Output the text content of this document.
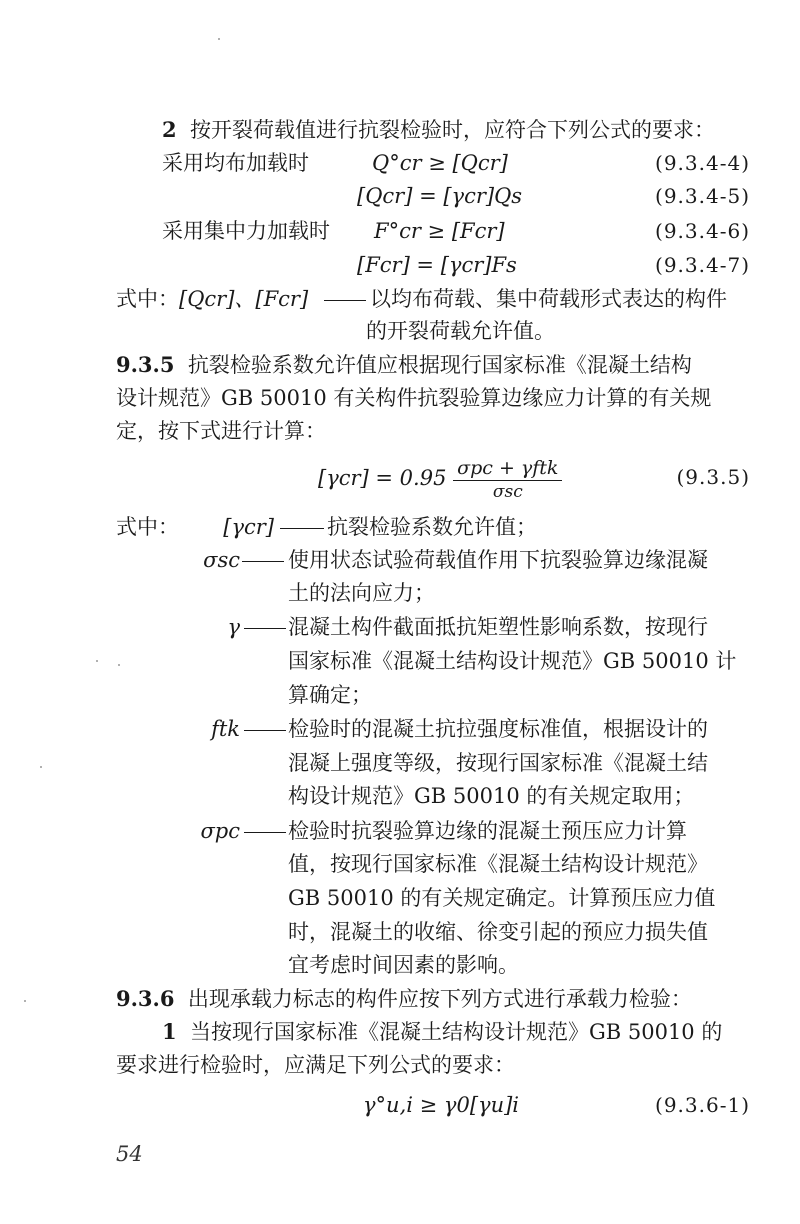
2 按开裂荷载值进行抗裂检验时，应符合下列公式的要求：
采用均布加载时	Q°cr ≥ [Qcr]	(9.3.4-4)
[Qcr] = [γcr]Qs	(9.3.4-5)
采用集中力加载时 F°cr ≥ [Fcr]	(9.3.4-6)
[Fcr] = [γcr]Fs	(9.3.4-7)
式中：[Qcr]、[Fcr]	以均布荷载、集中荷载形式表达的构件
的开裂荷载允许值。
9.3.5 抗裂检验系数允许值应根据现行国家标准《混凝土结构
设计规范》GB 50010 有关构件抗裂验算边缘应力计算的有关规
定，按下式进行计算：
$[\gamma cr] = 0.95 \frac{\text{σpc + γftk}}{\text{σsc}}$	(9.3.5)
式中： [γcr]	抗裂检验系数允许值；
σsc 使用状态试验荷载值作用下抗裂验算边缘混凝
土的法向应力；
γ 混凝土构件截面抵抗矩塑性影响系数，按现行
国家标准《混凝土结构设计规范》GB 50010 计
算确定；
ftk 检验时的混凝土抗拉强度标准值，根据设计的
混凝上强度等级，按现行国家标准《混凝土结
构设计规范》GB 50010 的有关规定取用；
σpc 检验时抗裂验算边缘的混凝土预压应力计算
值，按现行国家标准《混凝土结构设计规范》
GB 50010 的有关规定确定。计算预压应力值
时，混凝土的收缩、徐变引起的预应力损失值
宜考虑时间因素的影响。
9.3.6 出现承载力标志的构件应按下列方式进行承载力检验：
1 当按现行国家标准《混凝土结构设计规范》GB 50010 的
要求进行检验时，应满足下列公式的要求：
γ°u,i ≥ γ0[γu]i	(9.3.6-1)
54
